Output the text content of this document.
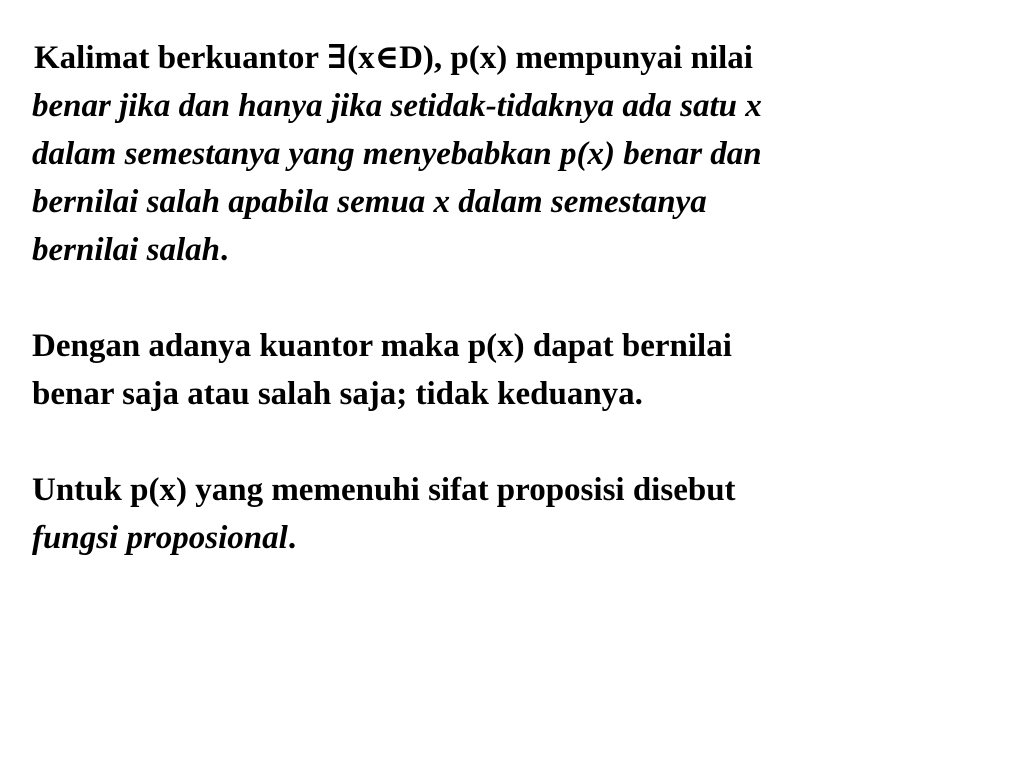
Kalimat berkuantor ∃(x∈D), p(x) mempunyai nilai
benar jika dan hanya jika setidak-tidaknya ada satu x
dalam semestanya yang menyebabkan p(x) benar dan
bernilai salah apabila semua x dalam semestanya
bernilai salah.
Dengan adanya kuantor maka p(x) dapat bernilai
benar saja atau salah saja; tidak keduanya.
Untuk p(x) yang memenuhi sifat proposisi disebut
fungsi proposional.
